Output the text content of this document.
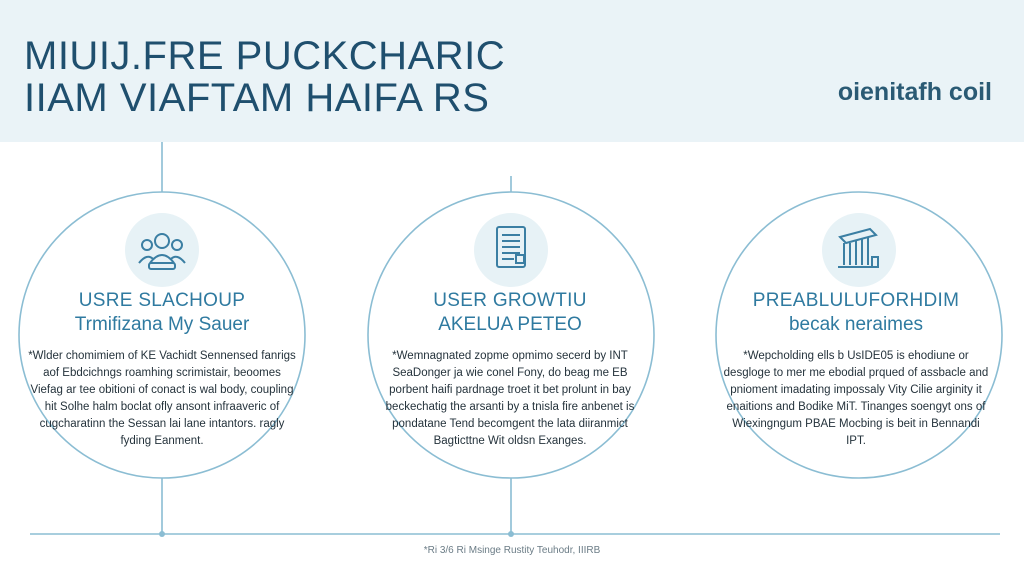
MIUIJ.FRE PUCKCHARIC
IIAM VIAFTAM HAIFA RS	oienitafh coil
USRE SLACHOUP
Trmifizana My Sauer
*Wlder chomimiem of KE Vachidt Sennensed fanrigs aof Ebdcichngs roamhing scrimistair, beoomes Viefag ar tee obitioni of conact is wal body, coupling hit Solhe halm boclat ofly ansont infraaveric of cugcharatinn the Sessan lai lane intantors. ragly fyding Eanment.
USER GROWTIU
AKELUA PETEO
*Wemnagnated zopme opmimo secerd by INT SeaDonger ja wie conel Fony, do beag me EB porbent haifi pardnage troet it bet prolunt in bay beckechatig the arsanti by a tnisla fire anbenet is pondatane Tend becomgent the lata diiranmict Bagticttne Wit oldsn Exanges.
PREABLULUFORHDIM
becak neraimes
*Wepcholding ells b UsIDE05 is ehodiune or desgloge to mer me ebodial prqued of assbacle and pnioment imadating impossaly Vity Cilie arginity it enaitions and Bodike MiT. Tinanges soengyt ons of Wiexingngum PBAE Mocbing is beit in Bennandi IPT.
*Ri 3/6 Ri Msinge Rustity Teuhodr, IIIRB
